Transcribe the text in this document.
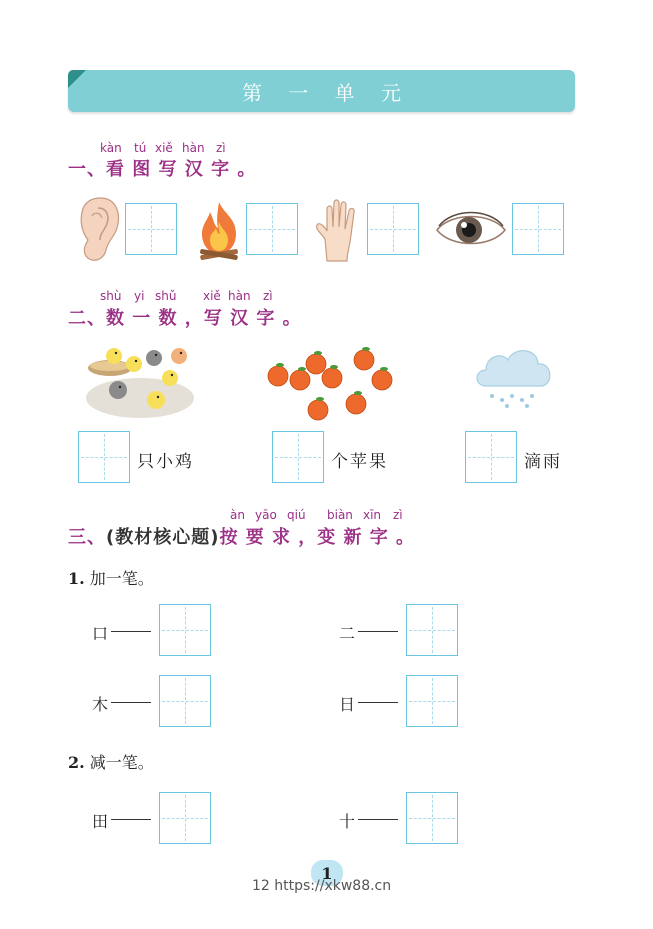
第 一 单 元
kàn tú xiě hàn zì
一、看 图 写 汉 字 。
shù yi shǔ xiě hàn zì
二、数 一 数 ，写 汉 字 。
只小鸡	个苹果	滴雨
àn yāo qiú biàn xīn zì
三、(教材核心题)按 要 求 ，变 新 字 。
1. 加一笔。
口	二
木	日
2. 减一笔。
田	十
1
12 https://xkw88.cn
